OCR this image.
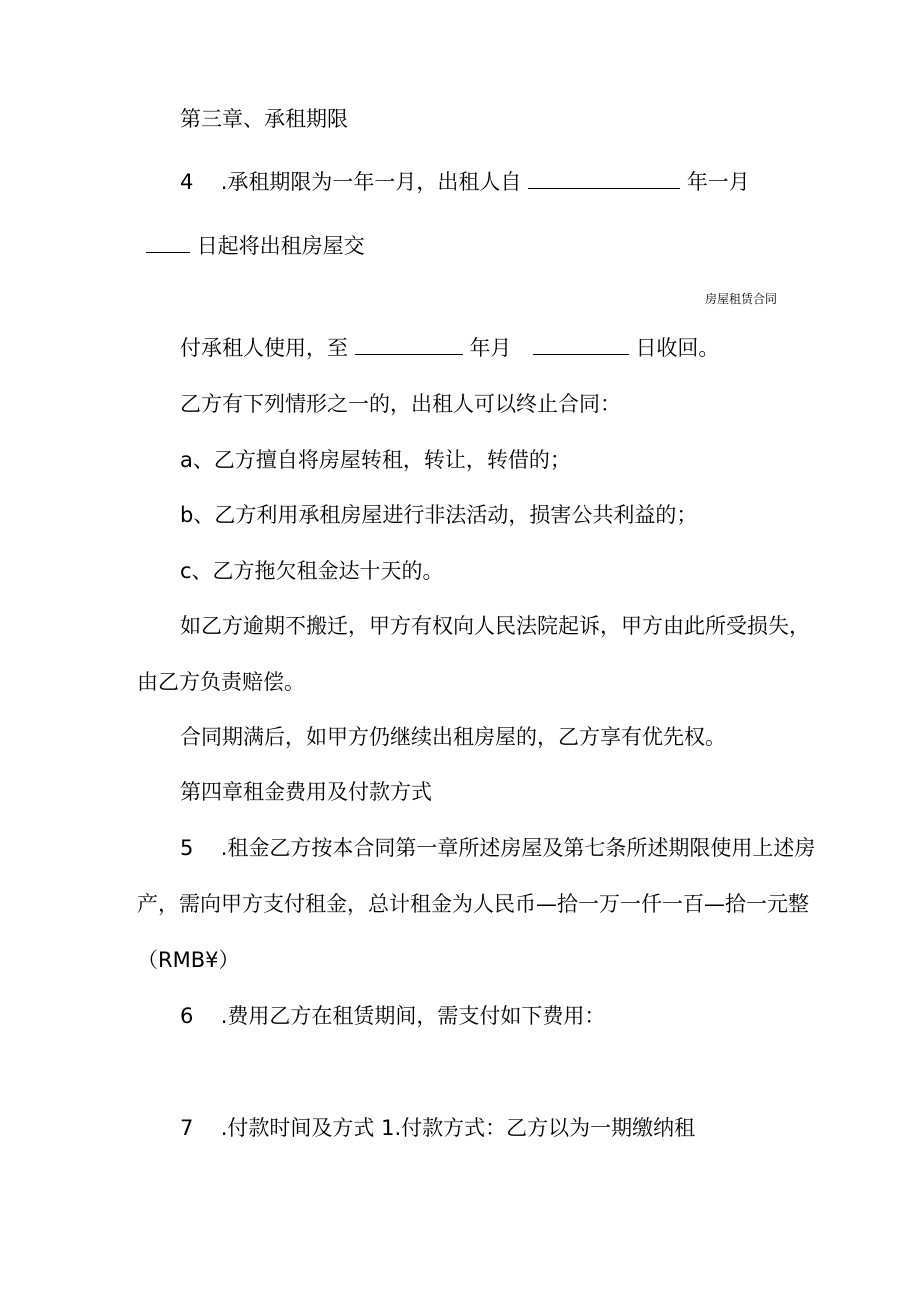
第三章、承租期限
4 .承租期限为一年一月，出租人自	年一月
日起将出租房屋交
房屋租赁合同
付承租人使用，至	年月	日收回。
乙方有下列情形之一的，出租人可以终止合同：
a、乙方擅自将房屋转租，转让，转借的；
b、乙方利用承租房屋进行非法活动，损害公共利益的；
c、乙方拖欠租金达十天的。
如乙方逾期不搬迁，甲方有权向人民法院起诉，甲方由此所受损失，
由乙方负责赔偿。
合同期满后，如甲方仍继续出租房屋的，乙方享有优先权。
第四章租金费用及付款方式
5 .租金乙方按本合同第一章所述房屋及第七条所述期限使用上述房
产，需向甲方支付租金，总计租金为人民币—拾一万一仟一百—拾一元整
（RMB¥）
6 .费用乙方在租赁期间，需支付如下费用：
7 .付款时间及方式 1.付款方式：乙方以为一期缴纳租
